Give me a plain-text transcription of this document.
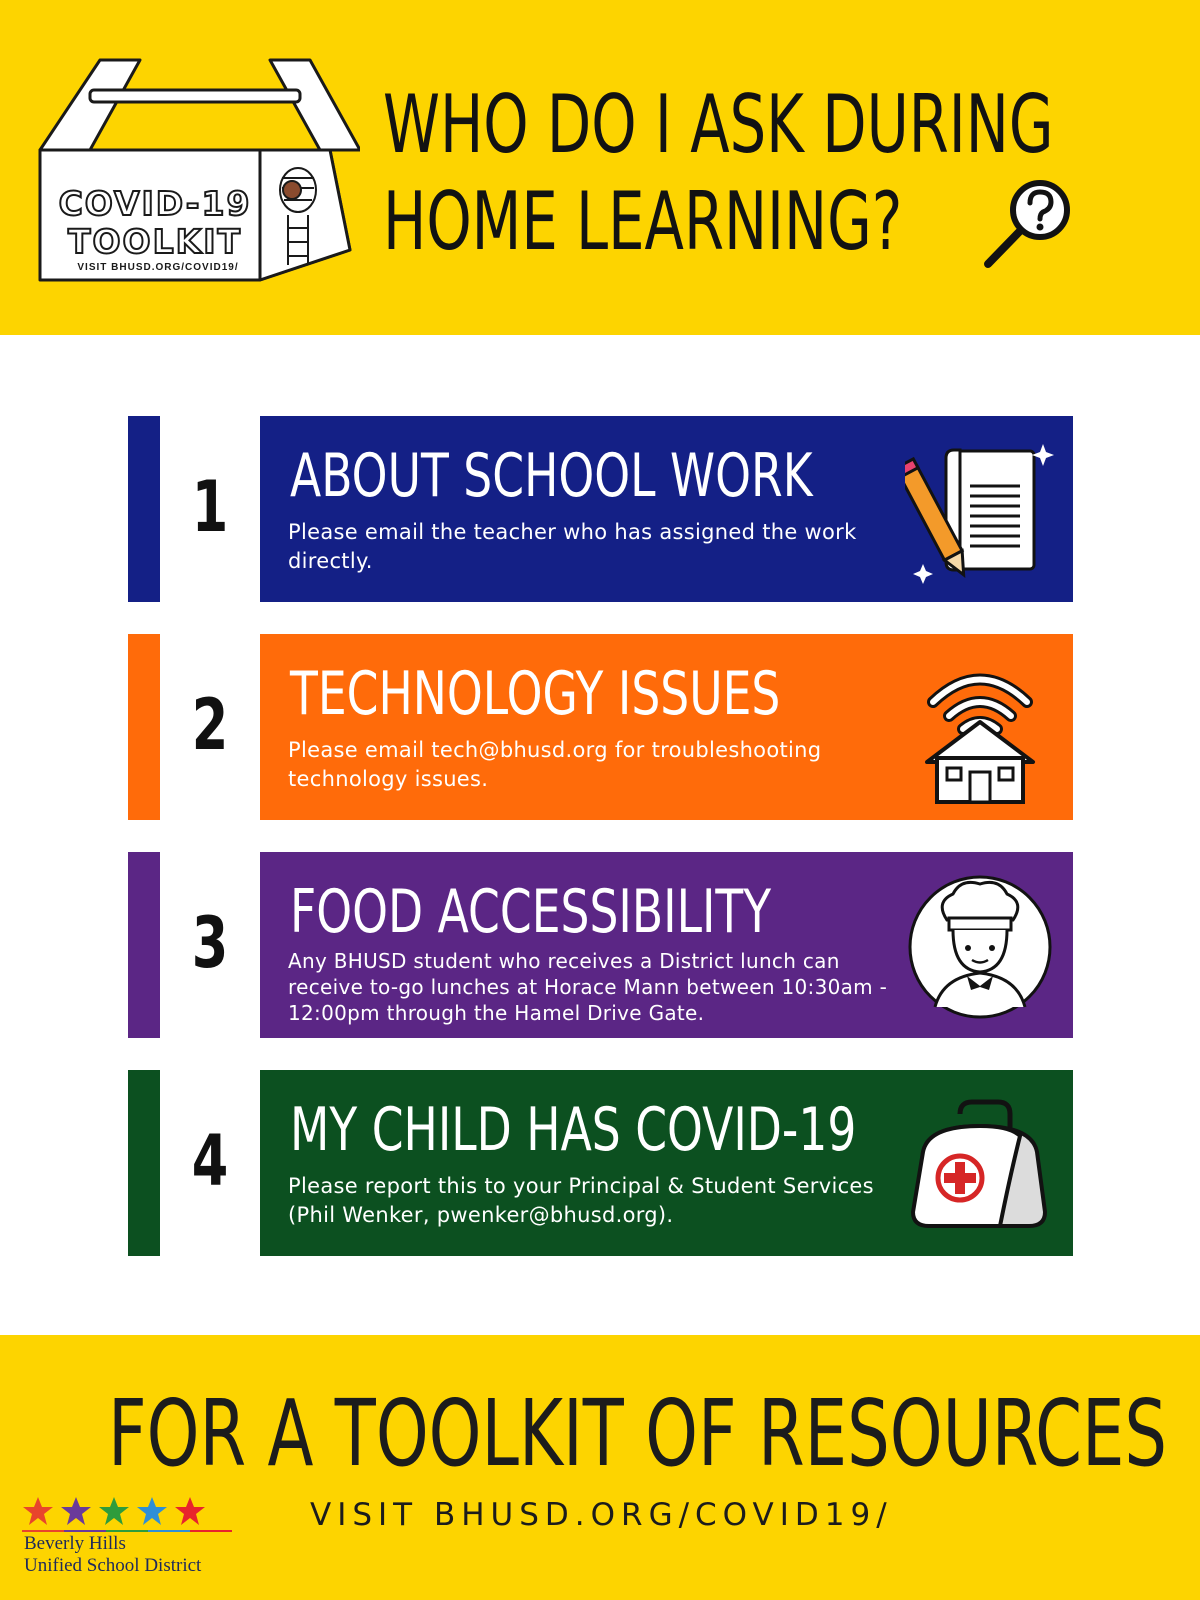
COVID-19
TOOLKIT
VISIT BHUSD.ORG/COVID19/
WHO DO I ASK DURING
HOME LEARNING?
1 ABOUT SCHOOL WORK
Please email the teacher who has assigned the work directly.
2 TECHNOLOGY ISSUES
Please email tech@bhusd.org for troubleshooting technology issues.
3 FOOD ACCESSIBILITY
Any BHUSD student who receives a District lunch can receive to-go lunches at Horace Mann between 10:30am - 12:00pm through the Hamel Drive Gate.
4 MY CHILD HAS COVID-19
Please report this to your Principal & Student Services (Phil Wenker, pwenker@bhusd.org).
FOR A TOOLKIT OF RESOURCES
VISIT BHUSD.ORG/COVID19/
Beverly Hills
Unified School District
